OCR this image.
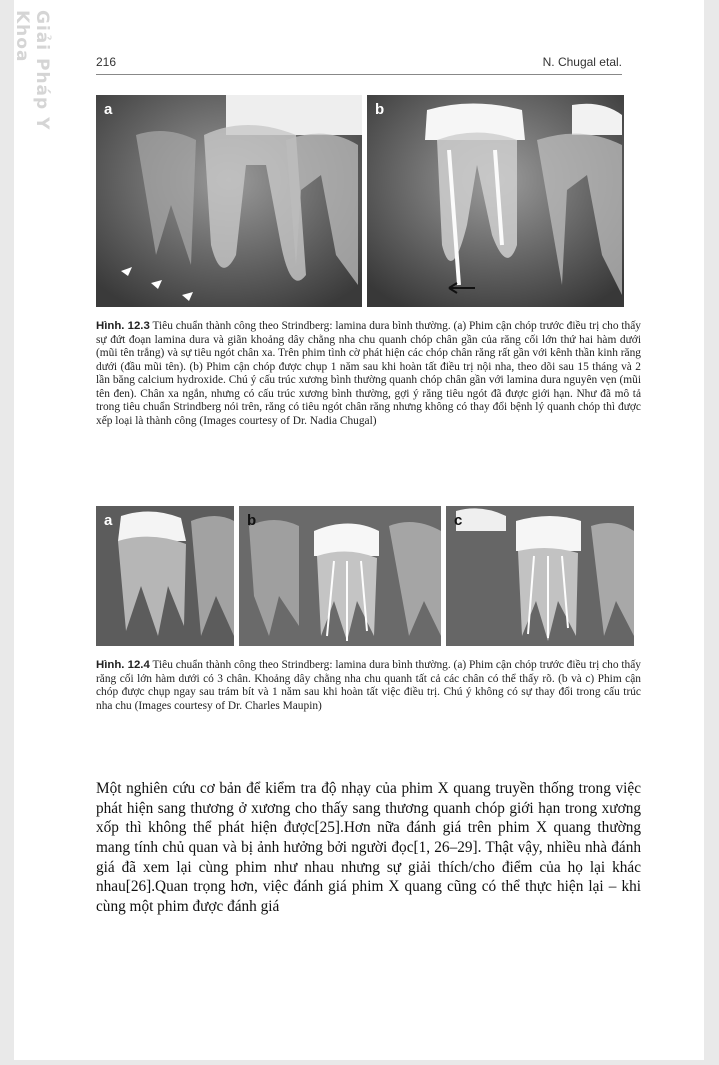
Giải Pháp Y Khoa	216	N. Chugal etal.
a	b
Hình. 12.3 Tiêu chuẩn thành công theo Strindberg: lamina dura bình thường. (a) Phim cận chóp trước điều trị cho thấy sự đứt đoạn lamina dura và giãn khoảng dây chằng nha chu quanh chóp chân gần của răng cối lớn thứ hai hàm dưới (mũi tên trắng) và sự tiêu ngót chân xa. Trên phim tình cờ phát hiện các chóp chân răng rất gần với kênh thần kinh răng dưới (đầu mũi tên). (b) Phim cận chóp được chụp 1 năm sau khi hoàn tất điều trị nội nha, theo dõi sau 15 tháng và 2 lần băng calcium hydroxide. Chú ý cấu trúc xương bình thường quanh chóp chân gần với lamina dura nguyên vẹn (mũi tên đen). Chân xa ngắn, nhưng có cấu trúc xương bình thường, gợi ý răng tiêu ngót đã được giới hạn. Như đã mô tả trong tiêu chuẩn Strindberg nói trên, răng có tiêu ngót chân răng nhưng không có thay đổi bệnh lý quanh chóp thì được xếp loại là thành công (Images courtesy of Dr. Nadia Chugal)
a	b	c
Hình. 12.4 Tiêu chuẩn thành công theo Strindberg: lamina dura bình thường. (a) Phim cận chóp trước điều trị cho thấy răng cối lớn hàm dưới có 3 chân. Khoảng dây chằng nha chu quanh tất cả các chân có thể thấy rõ. (b và c) Phim cận chóp được chụp ngay sau trám bít và 1 năm sau khi hoàn tất việc điều trị. Chú ý không có sự thay đổi trong cấu trúc nha chu (Images courtesy of Dr. Charles Maupin)

Một nghiên cứu cơ bản để kiểm tra độ nhạy của phim X quang truyền thống trong việc phát hiện sang thương ở xương cho thấy sang thương quanh chóp giới hạn trong xương xốp thì không thể phát hiện được[25].Hơn nữa đánh giá trên phim X quang thường mang tính chủ quan và bị ảnh hưởng bởi người đọc[1, 26–29]. Thật vậy, nhiều nhà đánh giá đã xem lại cùng phim như nhau nhưng sự giải thích/cho điểm của họ lại khác nhau[26].Quan trọng hơn, việc đánh giá phim X quang cũng có thể thực hiện lại – khi cùng một phim được đánh giá
